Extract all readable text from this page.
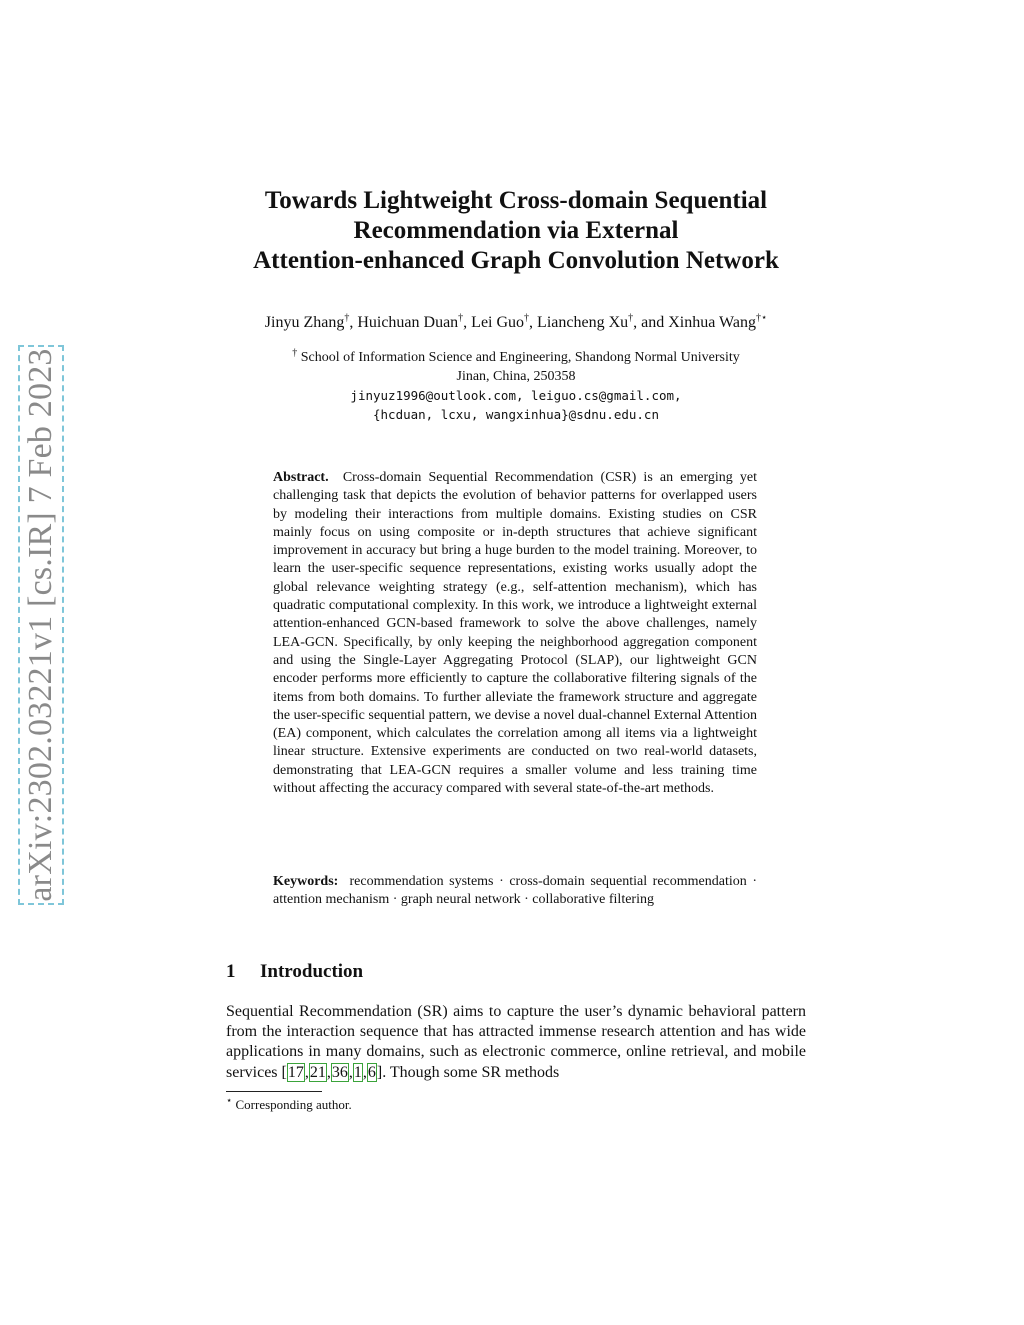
arXiv:2302.03221v1 [cs.IR] 7 Feb 2023
Towards Lightweight Cross-domain Sequential
Recommendation via External
Attention-enhanced Graph Convolution Network
Jinyu Zhang†, Huichuan Duan†, Lei Guo†, Liancheng Xu†, and Xinhua Wang†⋆
† School of Information Science and Engineering, Shandong Normal University
Jinan, China, 250358
jinyuz1996@outlook.com, leiguo.cs@gmail.com,
{hcduan, lcxu, wangxinhua}@sdnu.edu.cn
Abstract. Cross-domain Sequential Recommendation (CSR) is an emerging yet challenging task that depicts the evolution of behavior patterns for overlapped users by modeling their interactions from multiple domains. Existing studies on CSR mainly focus on using composite or in-depth structures that achieve significant improvement in accuracy but bring a huge burden to the model training. Moreover, to learn the user-specific sequence representations, existing works usually adopt the global relevance weighting strategy (e.g., self-attention mechanism), which has quadratic computational complexity. In this work, we introduce a lightweight external attention-enhanced GCN-based framework to solve the above challenges, namely LEA-GCN. Specifically, by only keeping the neighborhood aggregation component and using the Single-Layer Aggregating Protocol (SLAP), our lightweight GCN encoder performs more efficiently to capture the collaborative filtering signals of the items from both domains. To further alleviate the framework structure and aggregate the user-specific sequential pattern, we devise a novel dual-channel External Attention (EA) component, which calculates the correlation among all items via a lightweight linear structure. Extensive experiments are conducted on two real-world datasets, demonstrating that LEA-GCN requires a smaller volume and less training time without affecting the accuracy compared with several state-of-the-art methods.
Keywords: recommendation systems · cross-domain sequential recommendation · attention mechanism · graph neural network · collaborative filtering
1 Introduction
Sequential Recommendation (SR) aims to capture the user’s dynamic behavioral pattern from the interaction sequence that has attracted immense research attention and has wide applications in many domains, such as electronic commerce, online retrieval, and mobile services [17,21,36,1,6]. Though some SR methods
⋆ Corresponding author.
